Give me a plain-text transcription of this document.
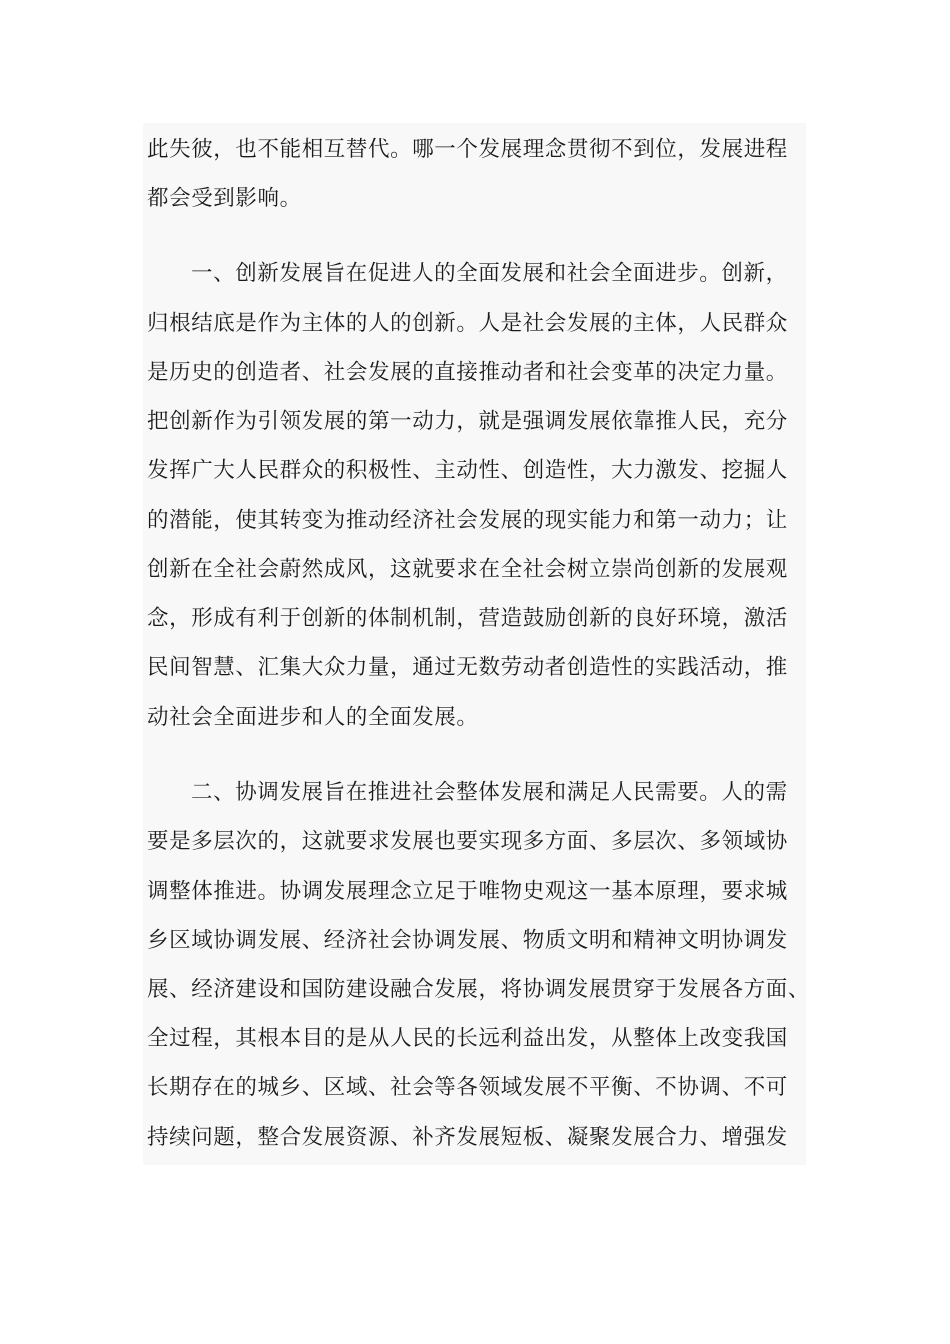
此失彼，也不能相互替代。哪一个发展理念贯彻不到位，发展进程
都会受到影响。
一、创新发展旨在促进人的全面发展和社会全面进步。创新，
归根结底是作为主体的人的创新。人是社会发展的主体，人民群众
是历史的创造者、社会发展的直接推动者和社会变革的决定力量。
把创新作为引领发展的第一动力，就是强调发展依靠推人民，充分
发挥广大人民群众的积极性、主动性、创造性，大力激发、挖掘人
的潜能，使其转变为推动经济社会发展的现实能力和第一动力；让
创新在全社会蔚然成风，这就要求在全社会树立崇尚创新的发展观
念，形成有利于创新的体制机制，营造鼓励创新的良好环境，激活
民间智慧、汇集大众力量，通过无数劳动者创造性的实践活动，推
动社会全面进步和人的全面发展。
二、协调发展旨在推进社会整体发展和满足人民需要。人的需
要是多层次的，这就要求发展也要实现多方面、多层次、多领域协
调整体推进。协调发展理念立足于唯物史观这一基本原理，要求城
乡区域协调发展、经济社会协调发展、物质文明和精神文明协调发
展、经济建设和国防建设融合发展，将协调发展贯穿于发展各方面、
全过程，其根本目的是从人民的长远利益出发，从整体上改变我国
长期存在的城乡、区域、社会等各领域发展不平衡、不协调、不可
持续问题，整合发展资源、补齐发展短板、凝聚发展合力、增强发
